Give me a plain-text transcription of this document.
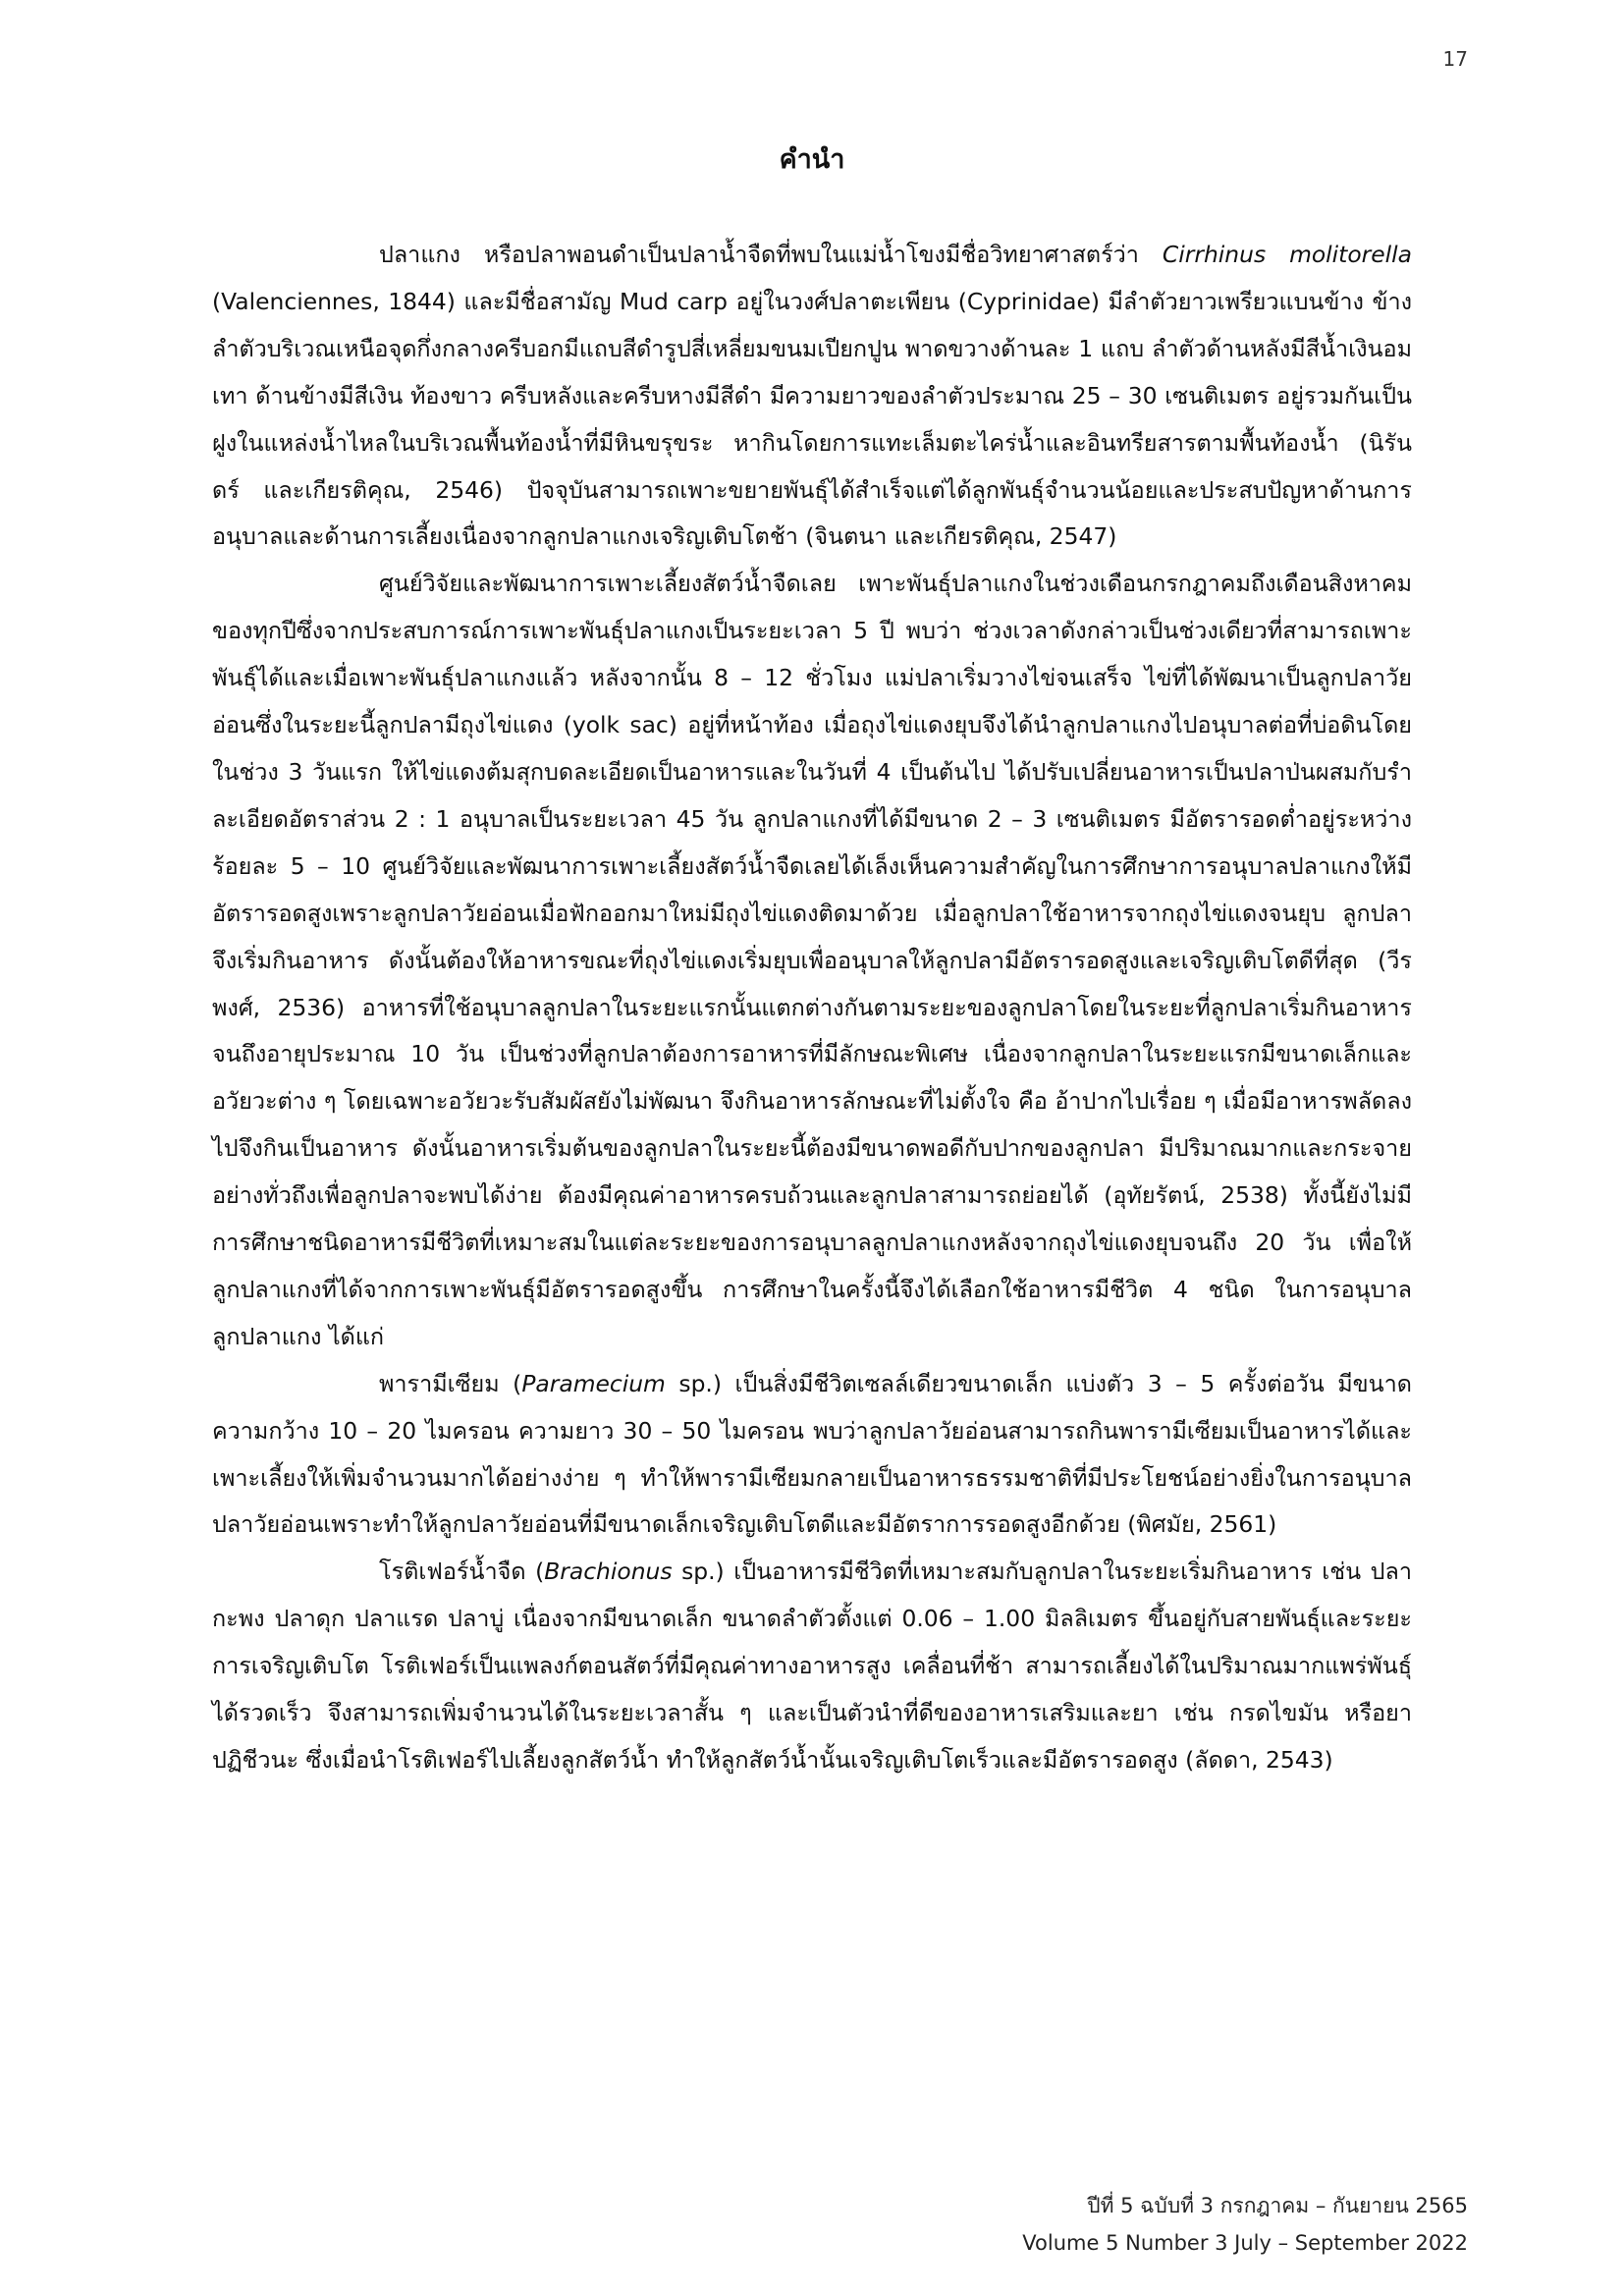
17
คำนำ

ปลาแกง หรือปลาพอนดำเป็นปลาน้ำจืดที่พบในแม่น้ำโขงมีชื่อวิทยาศาสตร์ว่า Cirrhinus molitorella (Valenciennes, 1844) และมีชื่อสามัญ Mud carp อยู่ในวงศ์ปลาตะเพียน (Cyprinidae) มีลำตัวยาวเพรียวแบนข้าง ข้างลำตัวบริเวณเหนือจุดกึ่งกลางครีบอกมีแถบสีดำรูปสี่เหลี่ยมขนมเปียกปูน พาดขวางด้านละ 1 แถบ ลำตัวด้านหลังมีสีน้ำเงินอมเทา ด้านข้างมีสีเงิน ท้องขาว ครีบหลังและครีบหางมีสีดำ มีความยาวของลำตัวประมาณ 25 – 30 เซนติเมตร อยู่รวมกันเป็นฝูงในแหล่งน้ำไหลในบริเวณพื้นท้องน้ำที่มีหินขรุขระ หากินโดยการแทะเล็มตะไคร่น้ำและอินทรียสารตามพื้นท้องน้ำ (นิรันดร์ และเกียรติคุณ, 2546) ปัจจุบันสามารถเพาะขยายพันธุ์ได้สำเร็จแต่ได้ลูกพันธุ์จำนวนน้อยและประสบปัญหาด้านการอนุบาลและด้านการเลี้ยงเนื่องจากลูกปลาแกงเจริญเติบโตช้า (จินตนา และเกียรติคุณ, 2547)

ศูนย์วิจัยและพัฒนาการเพาะเลี้ยงสัตว์น้ำจืดเลย เพาะพันธุ์ปลาแกงในช่วงเดือนกรกฎาคมถึงเดือนสิงหาคมของทุกปีซึ่งจากประสบการณ์การเพาะพันธุ์ปลาแกงเป็นระยะเวลา 5 ปี พบว่า ช่วงเวลาดังกล่าวเป็นช่วงเดียวที่สามารถเพาะพันธุ์ได้และเมื่อเพาะพันธุ์ปลาแกงแล้ว หลังจากนั้น 8 – 12 ชั่วโมง แม่ปลาเริ่มวางไข่จนเสร็จ ไข่ที่ได้พัฒนาเป็นลูกปลาวัยอ่อนซึ่งในระยะนี้ลูกปลามีถุงไข่แดง (yolk sac) อยู่ที่หน้าท้อง เมื่อถุงไข่แดงยุบจึงได้นำลูกปลาแกงไปอนุบาลต่อที่บ่อดินโดยในช่วง 3 วันแรก ให้ไข่แดงต้มสุกบดละเอียดเป็นอาหารและในวันที่ 4 เป็นต้นไป ได้ปรับเปลี่ยนอาหารเป็นปลาป่นผสมกับรำละเอียดอัตราส่วน 2 : 1 อนุบาลเป็นระยะเวลา 45 วัน ลูกปลาแกงที่ได้มีขนาด 2 – 3 เซนติเมตร มีอัตรารอดต่ำอยู่ระหว่างร้อยละ 5 – 10 ศูนย์วิจัยและพัฒนาการเพาะเลี้ยงสัตว์น้ำจืดเลยได้เล็งเห็นความสำคัญในการศึกษาการอนุบาลปลาแกงให้มีอัตรารอดสูงเพราะลูกปลาวัยอ่อนเมื่อฟักออกมาใหม่มีถุงไข่แดงติดมาด้วย เมื่อลูกปลาใช้อาหารจากถุงไข่แดงจนยุบ ลูกปลาจึงเริ่มกินอาหาร ดังนั้นต้องให้อาหารขณะที่ถุงไข่แดงเริ่มยุบเพื่ออนุบาลให้ลูกปลามีอัตรารอดสูงและเจริญเติบโตดีที่สุด (วีรพงศ์, 2536) อาหารที่ใช้อนุบาลลูกปลาในระยะแรกนั้นแตกต่างกันตามระยะของลูกปลาโดยในระยะที่ลูกปลาเริ่มกินอาหารจนถึงอายุประมาณ 10 วัน เป็นช่วงที่ลูกปลาต้องการอาหารที่มีลักษณะพิเศษ เนื่องจากลูกปลาในระยะแรกมีขนาดเล็กและอวัยวะต่าง ๆ โดยเฉพาะอวัยวะรับสัมผัสยังไม่พัฒนา จึงกินอาหารลักษณะที่ไม่ตั้งใจ คือ อ้าปากไปเรื่อย ๆ เมื่อมีอาหารพลัดลงไปจึงกินเป็นอาหาร ดังนั้นอาหารเริ่มต้นของลูกปลาในระยะนี้ต้องมีขนาดพอดีกับปากของลูกปลา มีปริมาณมากและกระจายอย่างทั่วถึงเพื่อลูกปลาจะพบได้ง่าย ต้องมีคุณค่าอาหารครบถ้วนและลูกปลาสามารถย่อยได้ (อุทัยรัตน์, 2538) ทั้งนี้ยังไม่มีการศึกษาชนิดอาหารมีชีวิตที่เหมาะสมในแต่ละระยะของการอนุบาลลูกปลาแกงหลังจากถุงไข่แดงยุบจนถึง 20 วัน เพื่อให้ลูกปลาแกงที่ได้จากการเพาะพันธุ์มีอัตรารอดสูงขึ้น การศึกษาในครั้งนี้จึงได้เลือกใช้อาหารมีชีวิต 4 ชนิด ในการอนุบาลลูกปลาแกง ได้แก่

พารามีเซียม (Paramecium sp.) เป็นสิ่งมีชีวิตเซลล์เดียวขนาดเล็ก แบ่งตัว 3 – 5 ครั้งต่อวัน มีขนาดความกว้าง 10 – 20 ไมครอน ความยาว 30 – 50 ไมครอน พบว่าลูกปลาวัยอ่อนสามารถกินพารามีเซียมเป็นอาหารได้และเพาะเลี้ยงให้เพิ่มจำนวนมากได้อย่างง่าย ๆ ทำให้พารามีเซียมกลายเป็นอาหารธรรมชาติที่มีประโยชน์อย่างยิ่งในการอนุบาลปลาวัยอ่อนเพราะทำให้ลูกปลาวัยอ่อนที่มีขนาดเล็กเจริญเติบโตดีและมีอัตราการรอดสูงอีกด้วย (พิศมัย, 2561)

โรติเฟอร์น้ำจืด (Brachionus sp.) เป็นอาหารมีชีวิตที่เหมาะสมกับลูกปลาในระยะเริ่มกินอาหาร เช่น ปลากะพง ปลาดุก ปลาแรด ปลาบู่ เนื่องจากมีขนาดเล็ก ขนาดลำตัวตั้งแต่ 0.06 – 1.00 มิลลิเมตร ขึ้นอยู่กับสายพันธุ์และระยะการเจริญเติบโต โรติเฟอร์เป็นแพลงก์ตอนสัตว์ที่มีคุณค่าทางอาหารสูง เคลื่อนที่ช้า สามารถเลี้ยงได้ในปริมาณมากแพร่พันธุ์ได้รวดเร็ว จึงสามารถเพิ่มจำนวนได้ในระยะเวลาสั้น ๆ และเป็นตัวนำที่ดีของอาหารเสริมและยา เช่น กรดไขมัน หรือยาปฏิชีวนะ ซึ่งเมื่อนำโรติเฟอร์ไปเลี้ยงลูกสัตว์น้ำ ทำให้ลูกสัตว์น้ำนั้นเจริญเติบโตเร็วและมีอัตรารอดสูง (ลัดดา, 2543)

ปีที่ 5 ฉบับที่ 3 กรกฎาคม – กันยายน 2565
Volume 5 Number 3 July – September 2022
